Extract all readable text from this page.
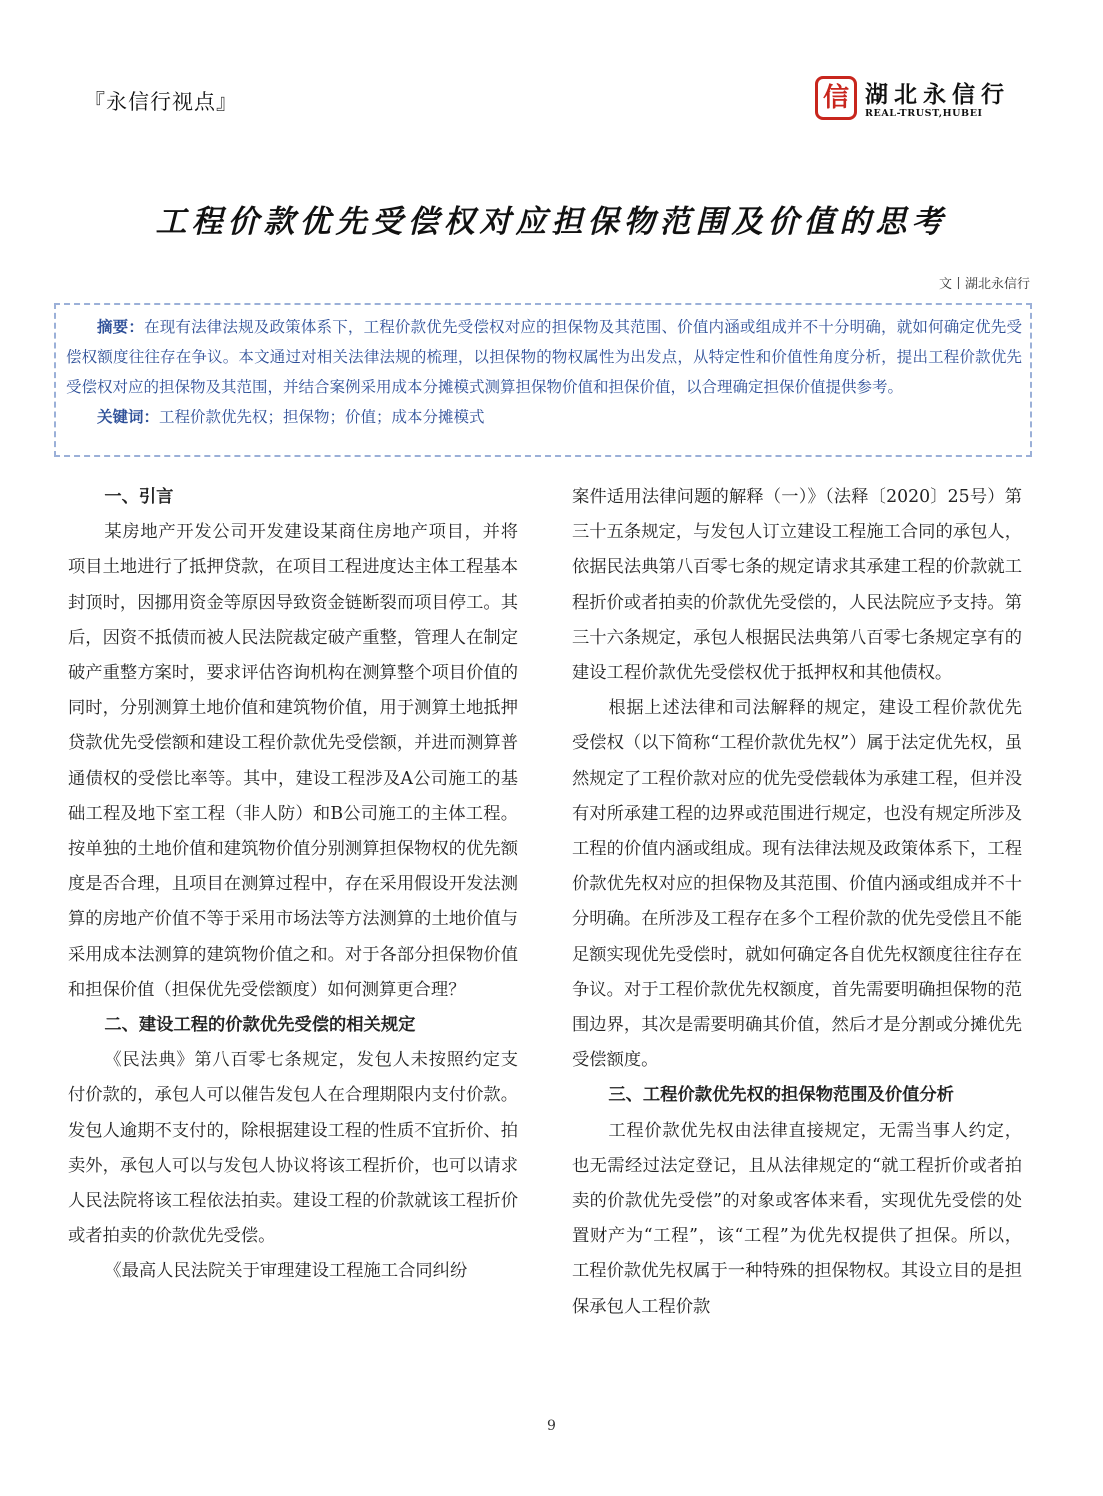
『永信行视点』	信 湖北永信行
REAL-TRUST,HUBEI
工程价款优先受偿权对应担保物范围及价值的思考
文丨湖北永信行

摘要：在现有法律法规及政策体系下，工程价款优先受偿权对应的担保物及其范围、价值内涵或组成并不十分明确，就如何确定优先受偿权额度往往存在争议。本文通过对相关法律法规的梳理，以担保物的物权属性为出发点，从特定性和价值性角度分析，提出工程价款优先受偿权对应的担保物及其范围，并结合案例采用成本分摊模式测算担保物价值和担保价值，以合理确定担保价值提供参考。

关键词：工程价款优先权；担保物；价值；成本分摊模式

一、引言

某房地产开发公司开发建设某商住房地产项目，并将项目土地进行了抵押贷款，在项目工程进度达主体工程基本封顶时，因挪用资金等原因导致资金链断裂而项目停工。其后，因资不抵债而被人民法院裁定破产重整，管理人在制定破产重整方案时，要求评估咨询机构在测算整个项目价值的同时，分别测算土地价值和建筑物价值，用于测算土地抵押贷款优先受偿额和建设工程价款优先受偿额，并进而测算普通债权的受偿比率等。其中，建设工程涉及A公司施工的基础工程及地下室工程（非人防）和B公司施工的主体工程。按单独的土地价值和建筑物价值分别测算担保物权的优先额度是否合理，且项目在测算过程中，存在采用假设开发法测算的房地产价值不等于采用市场法等方法测算的土地价值与采用成本法测算的建筑物价值之和。对于各部分担保物价值和担保价值（担保优先受偿额度）如何测算更合理？

二、建设工程的价款优先受偿的相关规定

《民法典》第八百零七条规定，发包人未按照约定支付价款的，承包人可以催告发包人在合理期限内支付价款。发包人逾期不支付的，除根据建设工程的性质不宜折价、拍卖外，承包人可以与发包人协议将该工程折价，也可以请求人民法院将该工程依法拍卖。建设工程的价款就该工程折价或者拍卖的价款优先受偿。

《最高人民法院关于审理建设工程施工合同纠纷

案件适用法律问题的解释（一）》（法释〔2020〕25号）第三十五条规定，与发包人订立建设工程施工合同的承包人，依据民法典第八百零七条的规定请求其承建工程的价款就工程折价或者拍卖的价款优先受偿的，人民法院应予支持。第三十六条规定，承包人根据民法典第八百零七条规定享有的建设工程价款优先受偿权优于抵押权和其他债权。

根据上述法律和司法解释的规定，建设工程价款优先受偿权（以下简称“工程价款优先权”）属于法定优先权，虽然规定了工程价款对应的优先受偿载体为承建工程，但并没有对所承建工程的边界或范围进行规定，也没有规定所涉及工程的价值内涵或组成。现有法律法规及政策体系下，工程价款优先权对应的担保物及其范围、价值内涵或组成并不十分明确。在所涉及工程存在多个工程价款的优先受偿且不能足额实现优先受偿时，就如何确定各自优先权额度往往存在争议。对于工程价款优先权额度，首先需要明确担保物的范围边界，其次是需要明确其价值，然后才是分割或分摊优先受偿额度。

三、工程价款优先权的担保物范围及价值分析

工程价款优先权由法律直接规定，无需当事人约定，也无需经过法定登记，且从法律规定的“就工程折价或者拍卖的价款优先受偿”的对象或客体来看，实现优先受偿的处置财产为“工程”，该“工程”为优先权提供了担保。所以，工程价款优先权属于一种特殊的担保物权。其设立目的是担保承包人工程价款

9
